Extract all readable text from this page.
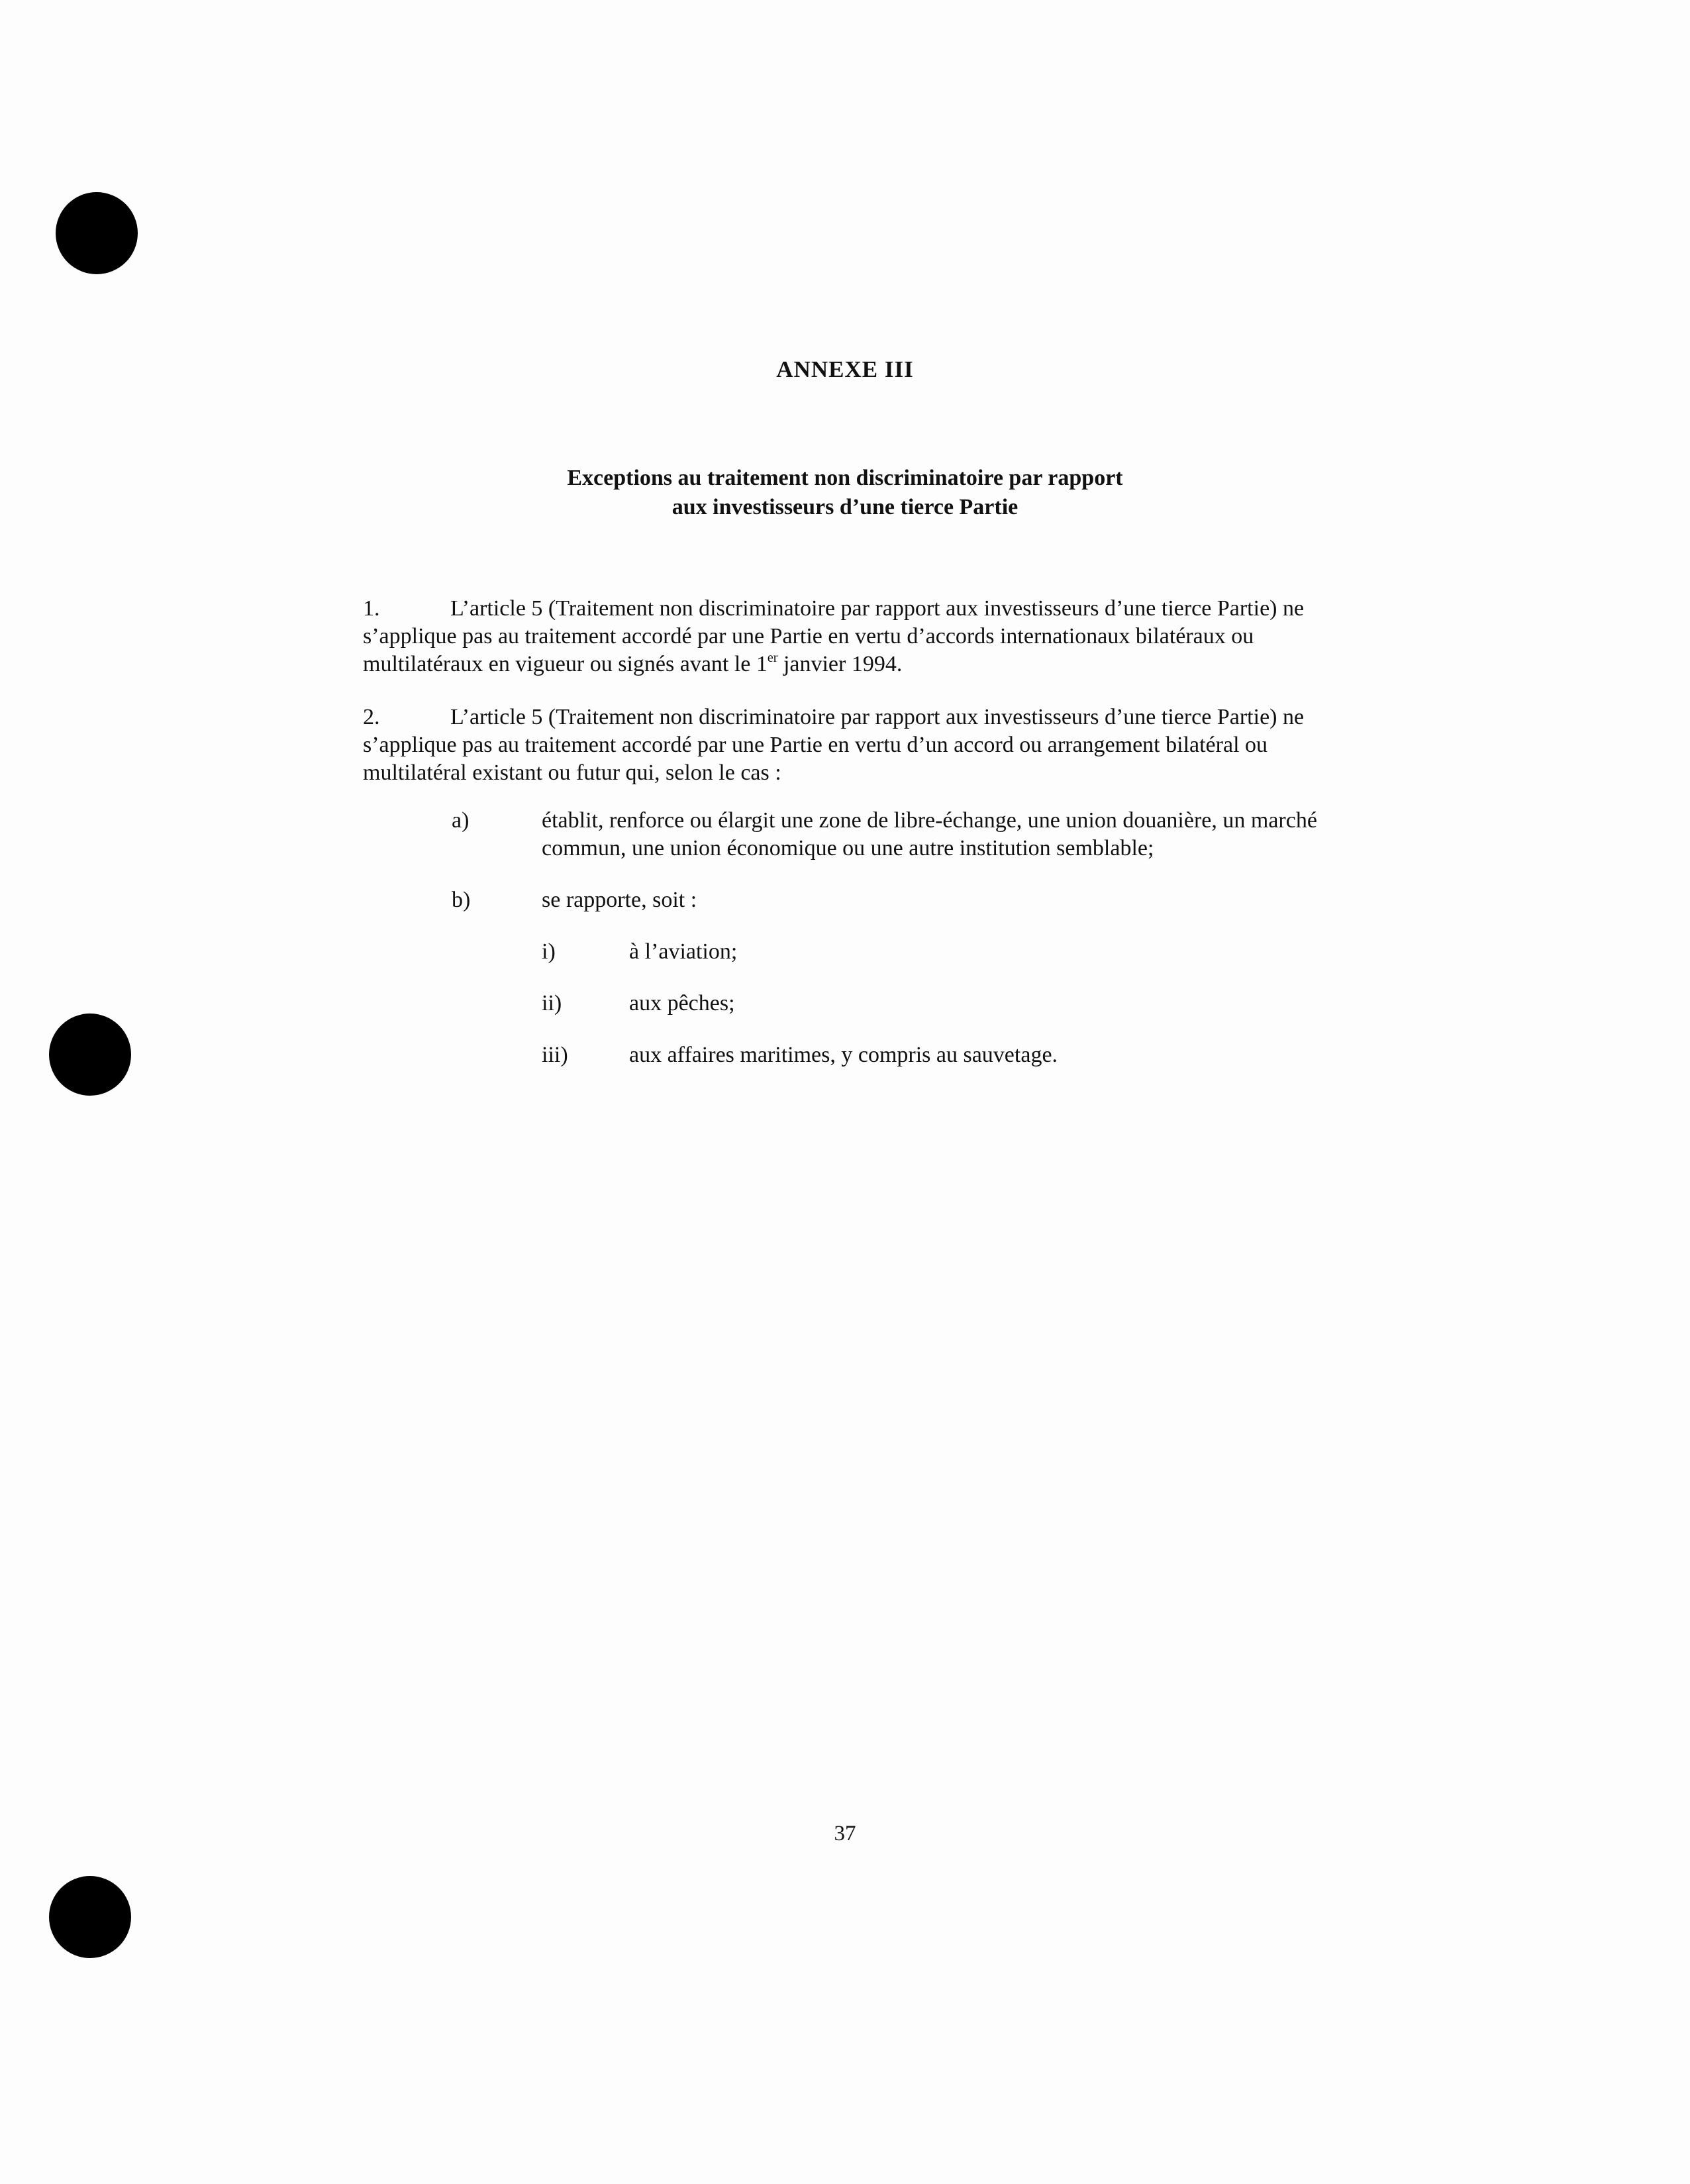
ANNEXE III
Exceptions au traitement non discriminatoire par rapport
aux investisseurs d’une tierce Partie
1.	L’article 5 (Traitement non discriminatoire par rapport aux investisseurs d’une tierce Partie) ne s’applique pas au traitement accordé par une Partie en vertu d’accords internationaux bilatéraux ou multilatéraux en vigueur ou signés avant le 1er janvier 1994.
2.	L’article 5 (Traitement non discriminatoire par rapport aux investisseurs d’une tierce Partie) ne s’applique pas au traitement accordé par une Partie en vertu d’un accord ou arrangement bilatéral ou multilatéral existant ou futur qui, selon le cas :
a)	établit, renforce ou élargit une zone de libre-échange, une union douanière, un marché commun, une union économique ou une autre institution semblable;
b)	se rapporte, soit :
i)	à l’aviation;
ii)	aux pêches;
iii)	aux affaires maritimes, y compris au sauvetage.
37
